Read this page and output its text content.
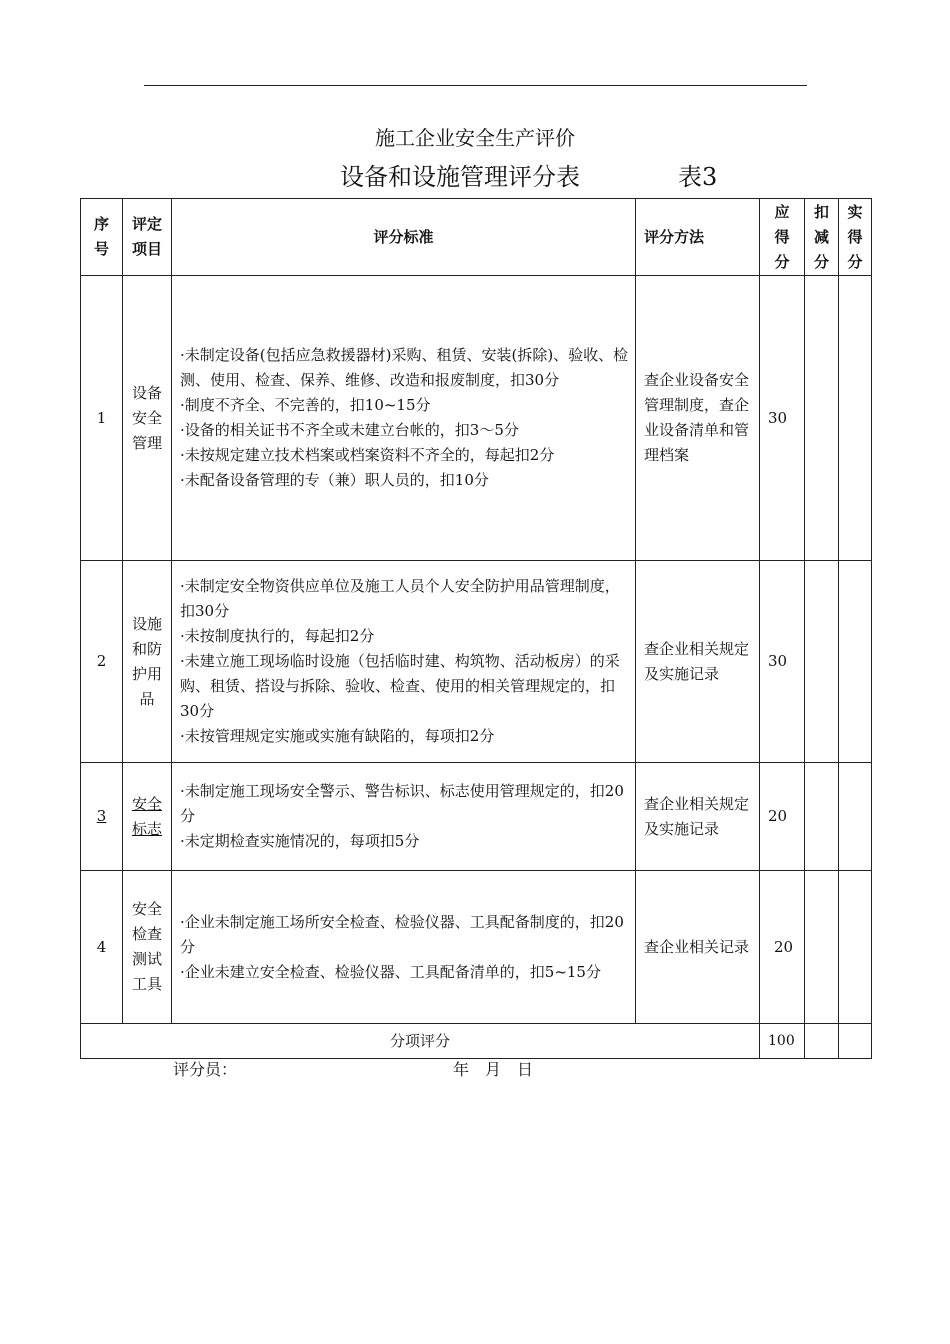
施工企业安全生产评价
设备和设施管理评分表	表3
序号	评定项目	评分标准	评分方法	应得分	扣减分	实得分
1	设备安全管理	·未制定设备(包括应急救援器材)采购、租赁、安装(拆除)、验收、检测、使用、检查、保养、维修、改造和报废制度，扣30分
·制度不齐全、不完善的，扣10~15分
·设备的相关证书不齐全或未建立台帐的，扣3～5分
·未按规定建立技术档案或档案资料不齐全的，每起扣2分
·未配备设备管理的专（兼）职人员的，扣10分	查企业设备安全管理制度，查企业设备清单和管理档案	30		
2	设施和防护用品	·未制定安全物资供应单位及施工人员个人安全防护用品管理制度，扣30分
·未按制度执行的，每起扣2分
·未建立施工现场临时设施（包括临时建、构筑物、活动板房）的采购、租赁、搭设与拆除、验收、检查、使用的相关管理规定的，扣30分
·未按管理规定实施或实施有缺陷的，每项扣2分	查企业相关规定及实施记录	30		
3	安全标志	·未制定施工现场安全警示、警告标识、标志使用管理规定的，扣20分
·未定期检查实施情况的，每项扣5分	查企业相关规定及实施记录	20		
4	安全检查测试工具	·企业未制定施工场所安全检查、检验仪器、工具配备制度的，扣20分
·企业未建立安全检查、检验仪器、工具配备清单的，扣5~15分	查企业相关记录	20		
分项评分				100		
评分员：	年　月　日
